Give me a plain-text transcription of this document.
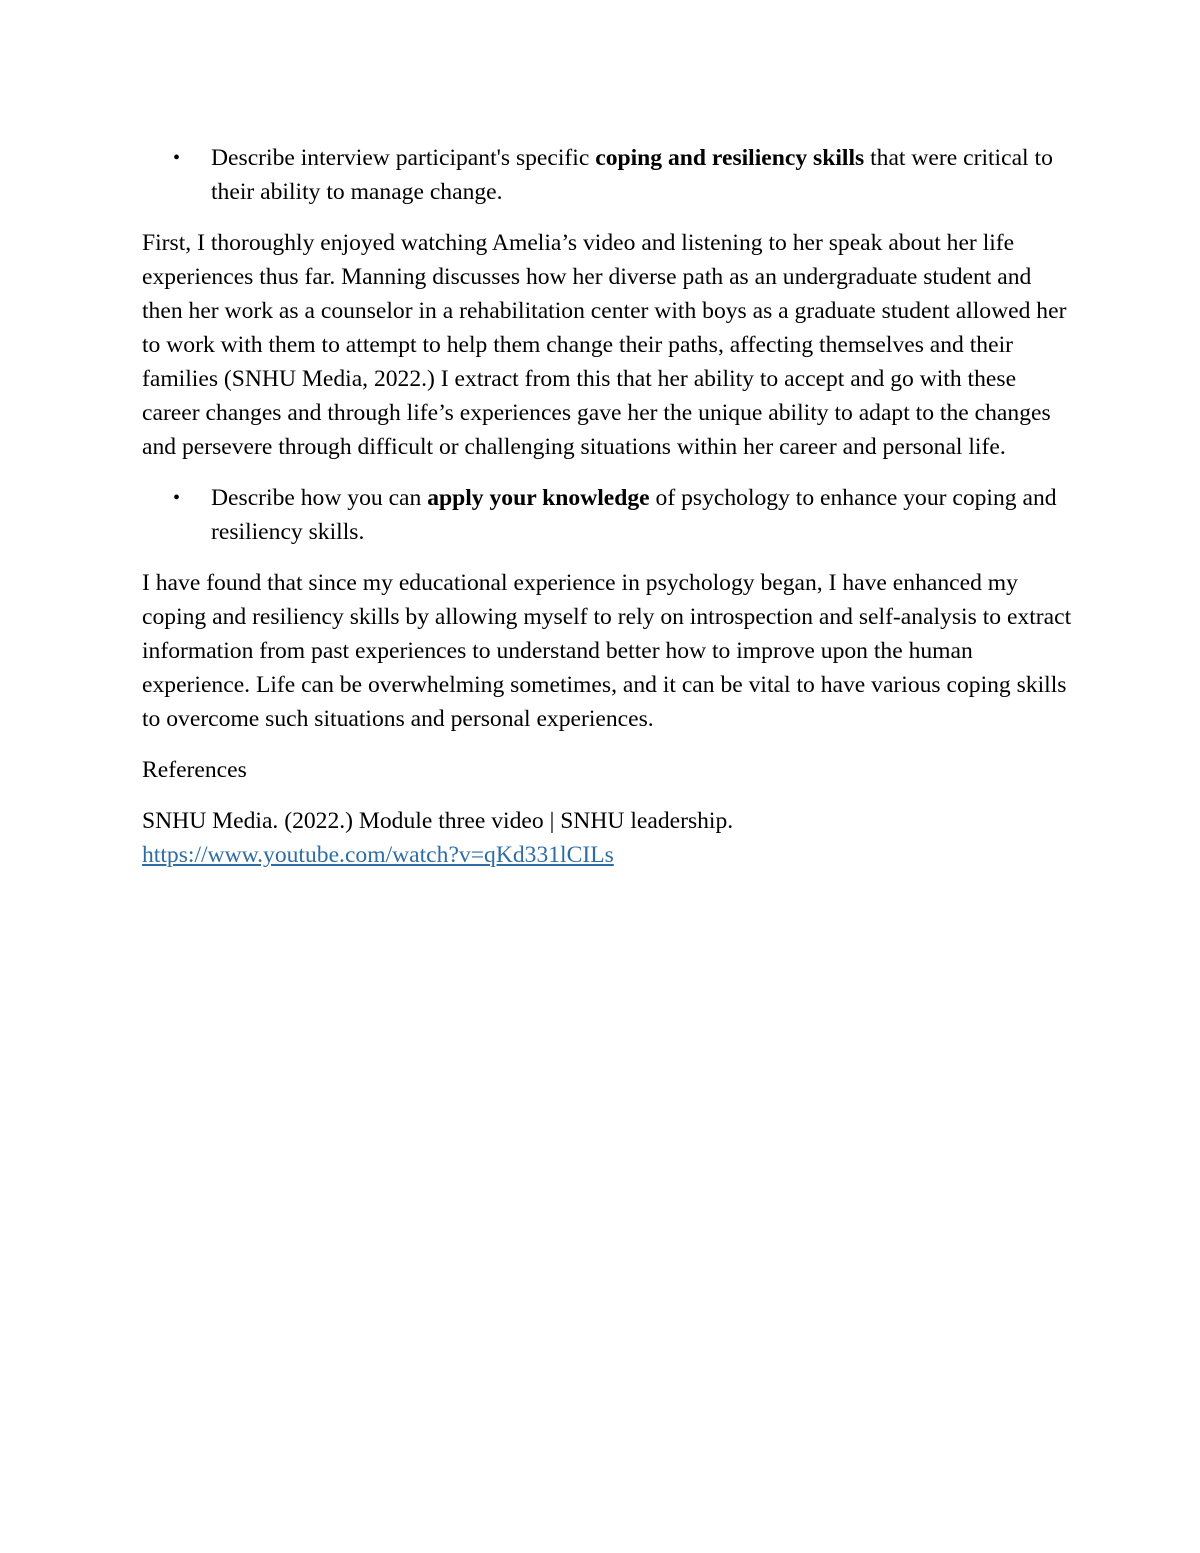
• Describe interview participant's specific coping and resiliency skills that were critical to their ability to manage change.

First, I thoroughly enjoyed watching Amelia’s video and listening to her speak about her life experiences thus far. Manning discusses how her diverse path as an undergraduate student and then her work as a counselor in a rehabilitation center with boys as a graduate student allowed her to work with them to attempt to help them change their paths, affecting themselves and their families (SNHU Media, 2022.) I extract from this that her ability to accept and go with these career changes and through life’s experiences gave her the unique ability to adapt to the changes and persevere through difficult or challenging situations within her career and personal life.

• Describe how you can apply your knowledge of psychology to enhance your coping and resiliency skills.

I have found that since my educational experience in psychology began, I have enhanced my coping and resiliency skills by allowing myself to rely on introspection and self-analysis to extract information from past experiences to understand better how to improve upon the human experience. Life can be overwhelming sometimes, and it can be vital to have various coping skills to overcome such situations and personal experiences.

References

SNHU Media. (2022.) Module three video | SNHU leadership.
https://www.youtube.com/watch?v=qKd331lCILs
